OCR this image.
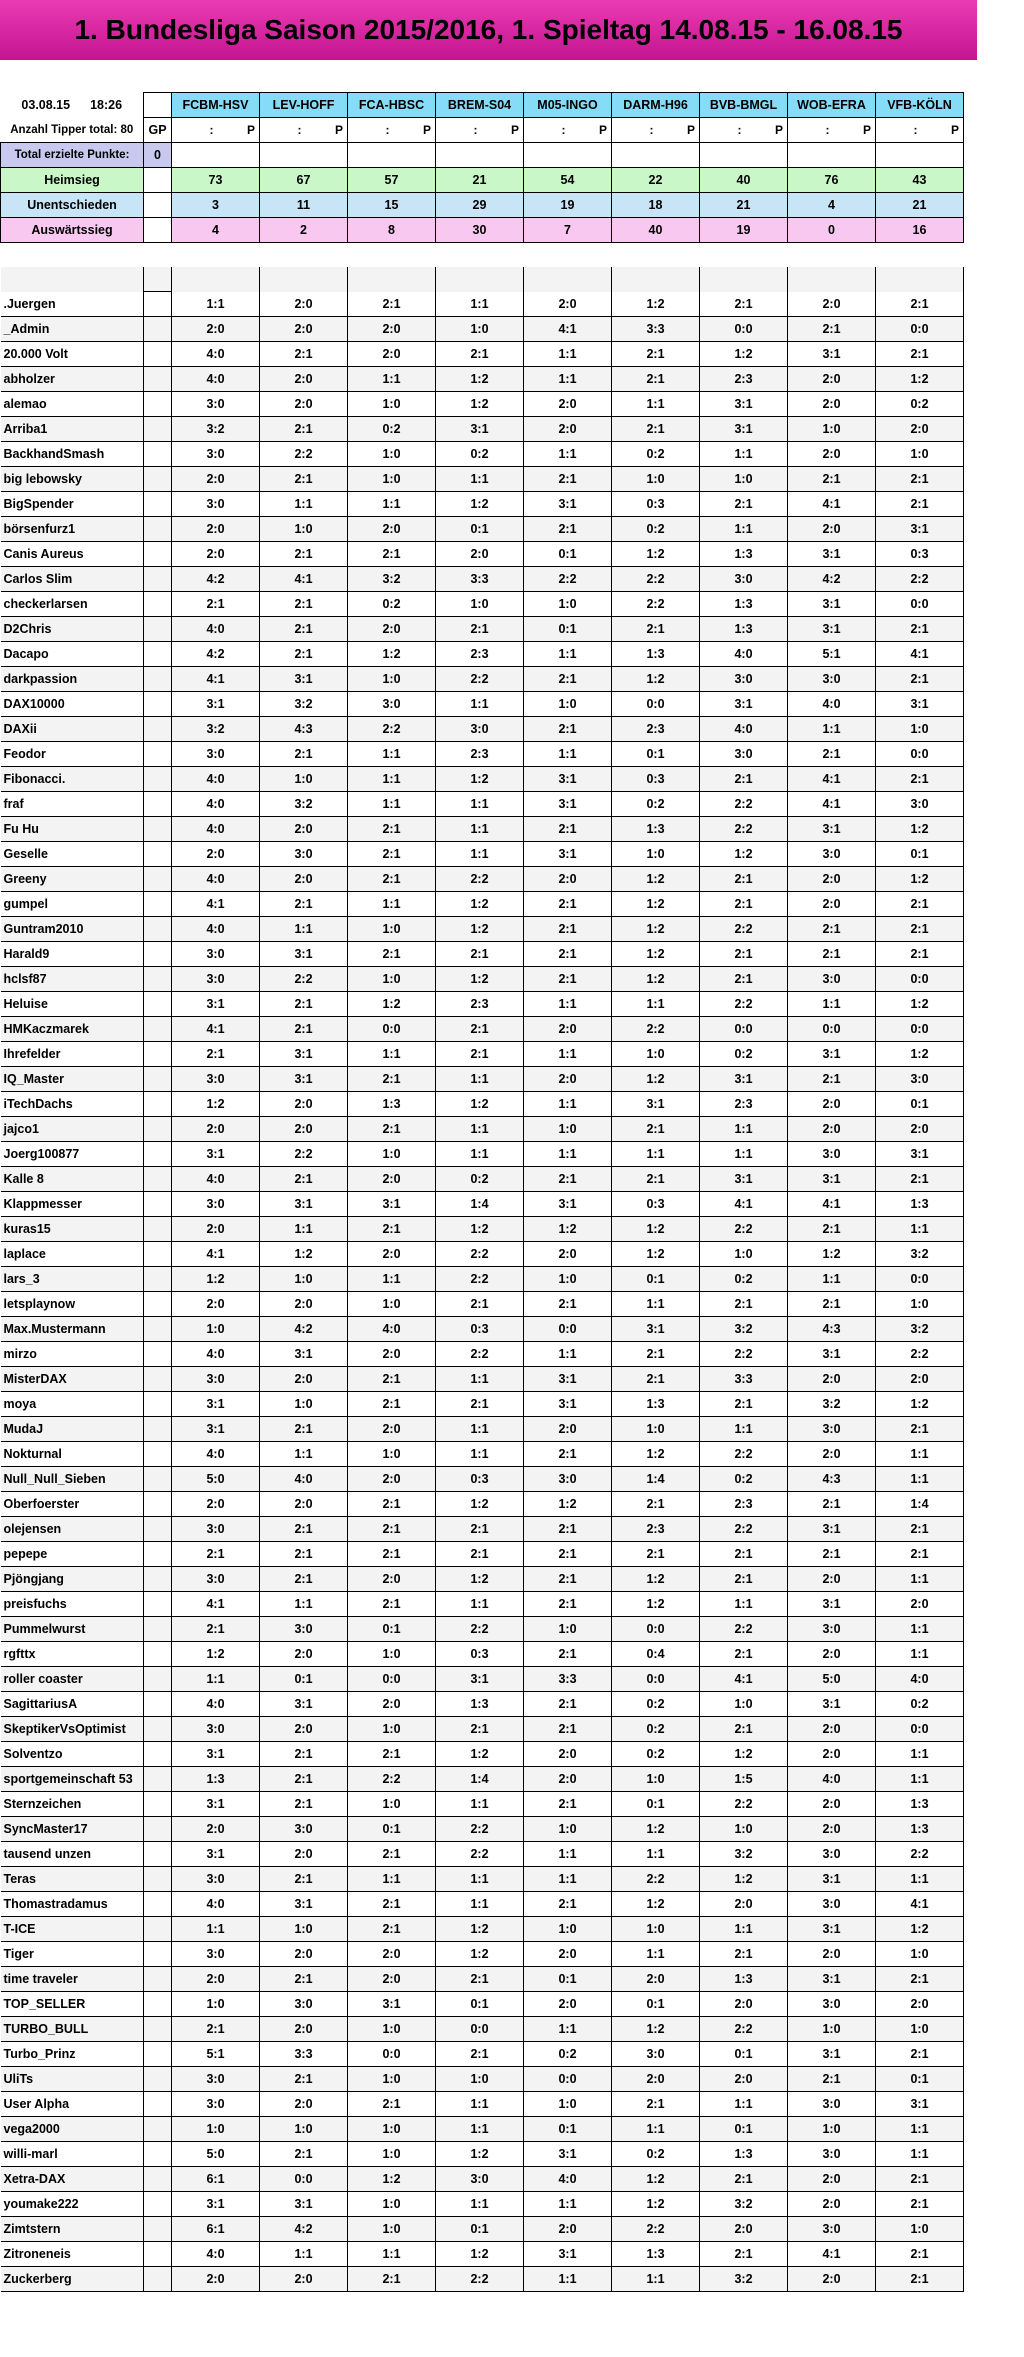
1. Bundesliga Saison 2015/2016, 1. Spieltag 14.08.15 - 16.08.15
03.08.15 18:26		FCBM-HSV	LEV-HOFF	FCA-HBSC	BREM-S04	M05-INGO	DARM-H96	BVB-BMGL	WOB-EFRA	VFB-KÖLN
Anzahl Tipper total: 80	GP	: P	: P	: P	: P	: P	: P	: P	: P	: P

Total erzielte Punkte:	0									
Heimsieg		73	67	57	21	54	22	40	76	43
Unentschieden		3	11	15	29	19	18	21	4	21
Auswärtssieg		4	2	8	30	7	40	19	0	16

.Juergen		1:1	2:0	2:1	1:1	2:0	1:2	2:1	2:0	2:1
_Admin		2:0	2:0	2:0	1:0	4:1	3:3	0:0	2:1	0:0
20.000 Volt		4:0	2:1	2:0	2:1	1:1	2:1	1:2	3:1	2:1
abholzer		4:0	2:0	1:1	1:2	1:1	2:1	2:3	2:0	1:2
alemao		3:0	2:0	1:0	1:2	2:0	1:1	3:1	2:0	0:2
Arriba1		3:2	2:1	0:2	3:1	2:0	2:1	3:1	1:0	2:0
BackhandSmash		3:0	2:2	1:0	0:2	1:1	0:2	1:1	2:0	1:0
big lebowsky		2:0	2:1	1:0	1:1	2:1	1:0	1:0	2:1	2:1
BigSpender		3:0	1:1	1:1	1:2	3:1	0:3	2:1	4:1	2:1
börsenfurz1		2:0	1:0	2:0	0:1	2:1	0:2	1:1	2:0	3:1
Canis Aureus		2:0	2:1	2:1	2:0	0:1	1:2	1:3	3:1	0:3
Carlos Slim		4:2	4:1	3:2	3:3	2:2	2:2	3:0	4:2	2:2
checkerlarsen		2:1	2:1	0:2	1:0	1:0	2:2	1:3	3:1	0:0
D2Chris		4:0	2:1	2:0	2:1	0:1	2:1	1:3	3:1	2:1
Dacapo		4:2	2:1	1:2	2:3	1:1	1:3	4:0	5:1	4:1
darkpassion		4:1	3:1	1:0	2:2	2:1	1:2	3:0	3:0	2:1
DAX10000		3:1	3:2	3:0	1:1	1:0	0:0	3:1	4:0	3:1
DAXii		3:2	4:3	2:2	3:0	2:1	2:3	4:0	1:1	1:0
Feodor		3:0	2:1	1:1	2:3	1:1	0:1	3:0	2:1	0:0
Fibonacci.		4:0	1:0	1:1	1:2	3:1	0:3	2:1	4:1	2:1
fraf		4:0	3:2	1:1	1:1	3:1	0:2	2:2	4:1	3:0
Fu Hu		4:0	2:0	2:1	1:1	2:1	1:3	2:2	3:1	1:2
Geselle		2:0	3:0	2:1	1:1	3:1	1:0	1:2	3:0	0:1
Greeny		4:0	2:0	2:1	2:2	2:0	1:2	2:1	2:0	1:2
gumpel		4:1	2:1	1:1	1:2	2:1	1:2	2:1	2:0	2:1
Guntram2010		4:0	1:1	1:0	1:2	2:1	1:2	2:2	2:1	2:1
Harald9		3:0	3:1	2:1	2:1	2:1	1:2	2:1	2:1	2:1
hclsf87		3:0	2:2	1:0	1:2	2:1	1:2	2:1	3:0	0:0
Heluise		3:1	2:1	1:2	2:3	1:1	1:1	2:2	1:1	1:2
HMKaczmarek		4:1	2:1	0:0	2:1	2:0	2:2	0:0	0:0	0:0
Ihrefelder		2:1	3:1	1:1	2:1	1:1	1:0	0:2	3:1	1:2
IQ_Master		3:0	3:1	2:1	1:1	2:0	1:2	3:1	2:1	3:0
iTechDachs		1:2	2:0	1:3	1:2	1:1	3:1	2:3	2:0	0:1
jajco1		2:0	2:0	2:1	1:1	1:0	2:1	1:1	2:0	2:0
Joerg100877		3:1	2:2	1:0	1:1	1:1	1:1	1:1	3:0	3:1
Kalle 8		4:0	2:1	2:0	0:2	2:1	2:1	3:1	3:1	2:1
Klappmesser		3:0	3:1	3:1	1:4	3:1	0:3	4:1	4:1	1:3
kuras15		2:0	1:1	2:1	1:2	1:2	1:2	2:2	2:1	1:1
laplace		4:1	1:2	2:0	2:2	2:0	1:2	1:0	1:2	3:2
lars_3		1:2	1:0	1:1	2:2	1:0	0:1	0:2	1:1	0:0
letsplaynow		2:0	2:0	1:0	2:1	2:1	1:1	2:1	2:1	1:0
Max.Mustermann		1:0	4:2	4:0	0:3	0:0	3:1	3:2	4:3	3:2
mirzo		4:0	3:1	2:0	2:2	1:1	2:1	2:2	3:1	2:2
MisterDAX		3:0	2:0	2:1	1:1	3:1	2:1	3:3	2:0	2:0
moya		3:1	1:0	2:1	2:1	3:1	1:3	2:1	3:2	1:2
MudaJ		3:1	2:1	2:0	1:1	2:0	1:0	1:1	3:0	2:1
Nokturnal		4:0	1:1	1:0	1:1	2:1	1:2	2:2	2:0	1:1
Null_Null_Sieben		5:0	4:0	2:0	0:3	3:0	1:4	0:2	4:3	1:1
Oberfoerster		2:0	2:0	2:1	1:2	1:2	2:1	2:3	2:1	1:4
olejensen		3:0	2:1	2:1	2:1	2:1	2:3	2:2	3:1	2:1
pepepe		2:1	2:1	2:1	2:1	2:1	2:1	2:1	2:1	2:1
Pjöngjang		3:0	2:1	2:0	1:2	2:1	1:2	2:1	2:0	1:1
preisfuchs		4:1	1:1	2:1	1:1	2:1	1:2	1:1	3:1	2:0
Pummelwurst		2:1	3:0	0:1	2:2	1:0	0:0	2:2	3:0	1:1
rgfttx		1:2	2:0	1:0	0:3	2:1	0:4	2:1	2:0	1:1
roller coaster		1:1	0:1	0:0	3:1	3:3	0:0	4:1	5:0	4:0
SagittariusA		4:0	3:1	2:0	1:3	2:1	0:2	1:0	3:1	0:2
SkeptikerVsOptimist		3:0	2:0	1:0	2:1	2:1	0:2	2:1	2:0	0:0
Solventzo		3:1	2:1	2:1	1:2	2:0	0:2	1:2	2:0	1:1
sportgemeinschaft 53		1:3	2:1	2:2	1:4	2:0	1:0	1:5	4:0	1:1
Sternzeichen		3:1	2:1	1:0	1:1	2:1	0:1	2:2	2:0	1:3
SyncMaster17		2:0	3:0	0:1	2:2	1:0	1:2	1:0	2:0	1:3
tausend unzen		3:1	2:0	2:1	2:2	1:1	1:1	3:2	3:0	2:2
Teras		3:0	2:1	1:1	1:1	1:1	2:2	1:2	3:1	1:1
Thomastradamus		4:0	3:1	2:1	1:1	2:1	1:2	2:0	3:0	4:1
T-ICE		1:1	1:0	2:1	1:2	1:0	1:0	1:1	3:1	1:2
Tiger		3:0	2:0	2:0	1:2	2:0	1:1	2:1	2:0	1:0
time traveler		2:0	2:1	2:0	2:1	0:1	2:0	1:3	3:1	2:1
TOP_SELLER		1:0	3:0	3:1	0:1	2:0	0:1	2:0	3:0	2:0
TURBO_BULL		2:1	2:0	1:0	0:0	1:1	1:2	2:2	1:0	1:0
Turbo_Prinz		5:1	3:3	0:0	2:1	0:2	3:0	0:1	3:1	2:1
UliTs		3:0	2:1	1:0	1:0	0:0	2:0	2:0	2:1	0:1
User Alpha		3:0	2:0	2:1	1:1	1:0	2:1	1:1	3:0	3:1
vega2000		1:0	1:0	1:0	1:1	0:1	1:1	0:1	1:0	1:1
willi-marl		5:0	2:1	1:0	1:2	3:1	0:2	1:3	3:0	1:1
Xetra-DAX		6:1	0:0	1:2	3:0	4:0	1:2	2:1	2:0	2:1
youmake222		3:1	3:1	1:0	1:1	1:1	1:2	3:2	2:0	2:1
Zimtstern		6:1	4:2	1:0	0:1	2:0	2:2	2:0	3:0	1:0
Zitroneneis		4:0	1:1	1:1	1:2	3:1	1:3	2:1	4:1	2:1
Zuckerberg		2:0	2:0	2:1	2:2	1:1	1:1	3:2	2:0	2:1
